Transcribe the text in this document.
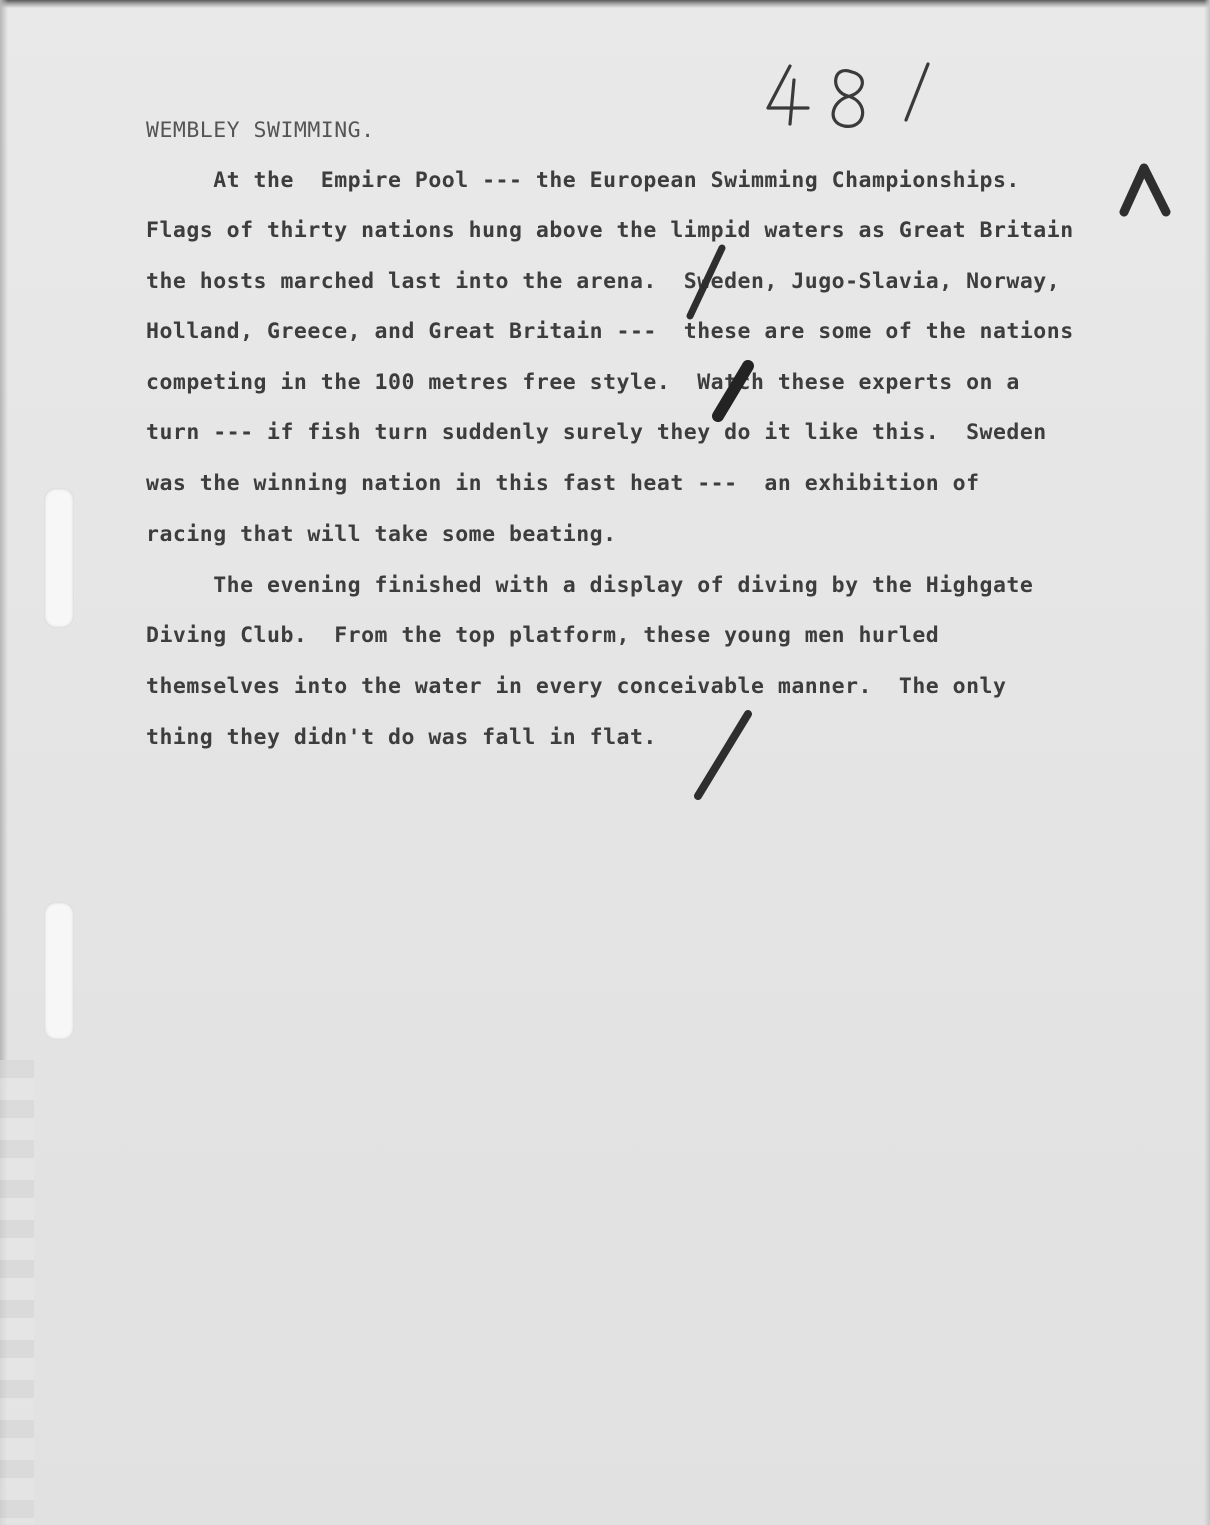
WEMBLEY SWIMMING.

At the  Empire Pool --- the European Swimming Championships.

Flags of thirty nations hung above the limpid waters as Great Britain

the hosts marched last into the arena.  Sweden, Jugo-Slavia, Norway,

Holland, Greece, and Great Britain ---  these are some of the nations

competing in the 100 metres free style.  Watch these experts on a

turn --- if fish turn suddenly surely they do it like this.  Sweden

was the winning nation in this fast heat ---  an exhibition of

racing that will take some beating.

The evening finished with a display of diving by the Highgate

Diving Club.  From the top platform, these young men hurled

themselves into the water in every conceivable manner.  The only

thing they didn't do was fall in flat.
